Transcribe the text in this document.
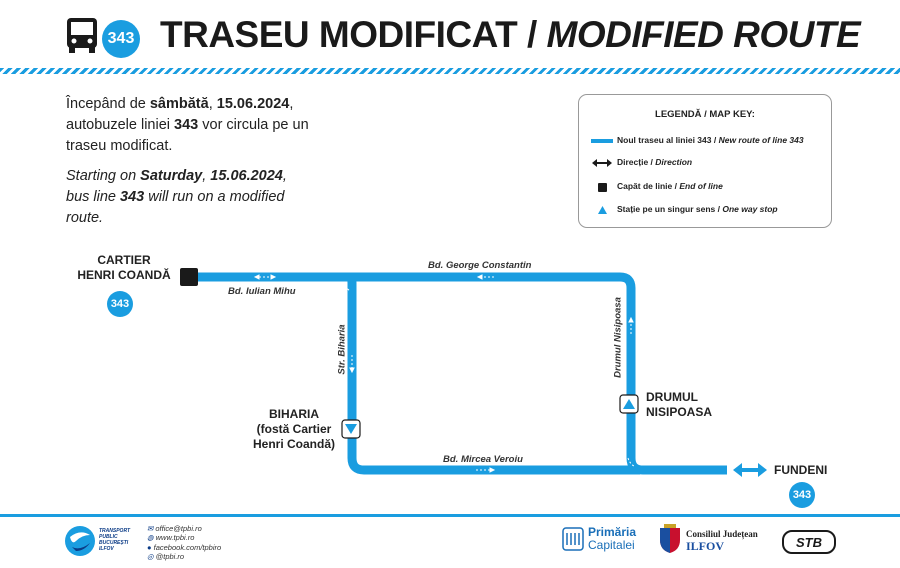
343 TRASEU MODIFICAT / MODIFIED ROUTE

Începând de sâmbătă, 15.06.2024, autobuzele liniei 343 vor circula pe un traseu modificat.

Starting on Saturday, 15.06.2024, bus line 343 will run on a modified route.

LEGENDĂ / MAP KEY:
Noul traseu al liniei 343 / New route of line 343
Direcție / Direction
Capăt de linie / End of line
Stație pe un singur sens / One way stop
Bd. George Constantin
Bd. Iulian Mihu
Bd. Mircea Veroiu
Str. Biharia	Drumul Nisipoasa
CARTIER
HENRI COANDĂ
343
BIHARIA
(fostă Cartier
Henri Coandă)
DRUMUL
NISIPOASA
FUNDENI
343
TRANSPORT
PUBLIC
BUCUREȘTI
ILFOV
✉ office@tpbi.ro
◍ www.tpbi.ro
● facebook.com/tpbiro
◎ @tpbi.ro
Primăria
Capitalei
Consiliul Județean
ILFOV	STB
